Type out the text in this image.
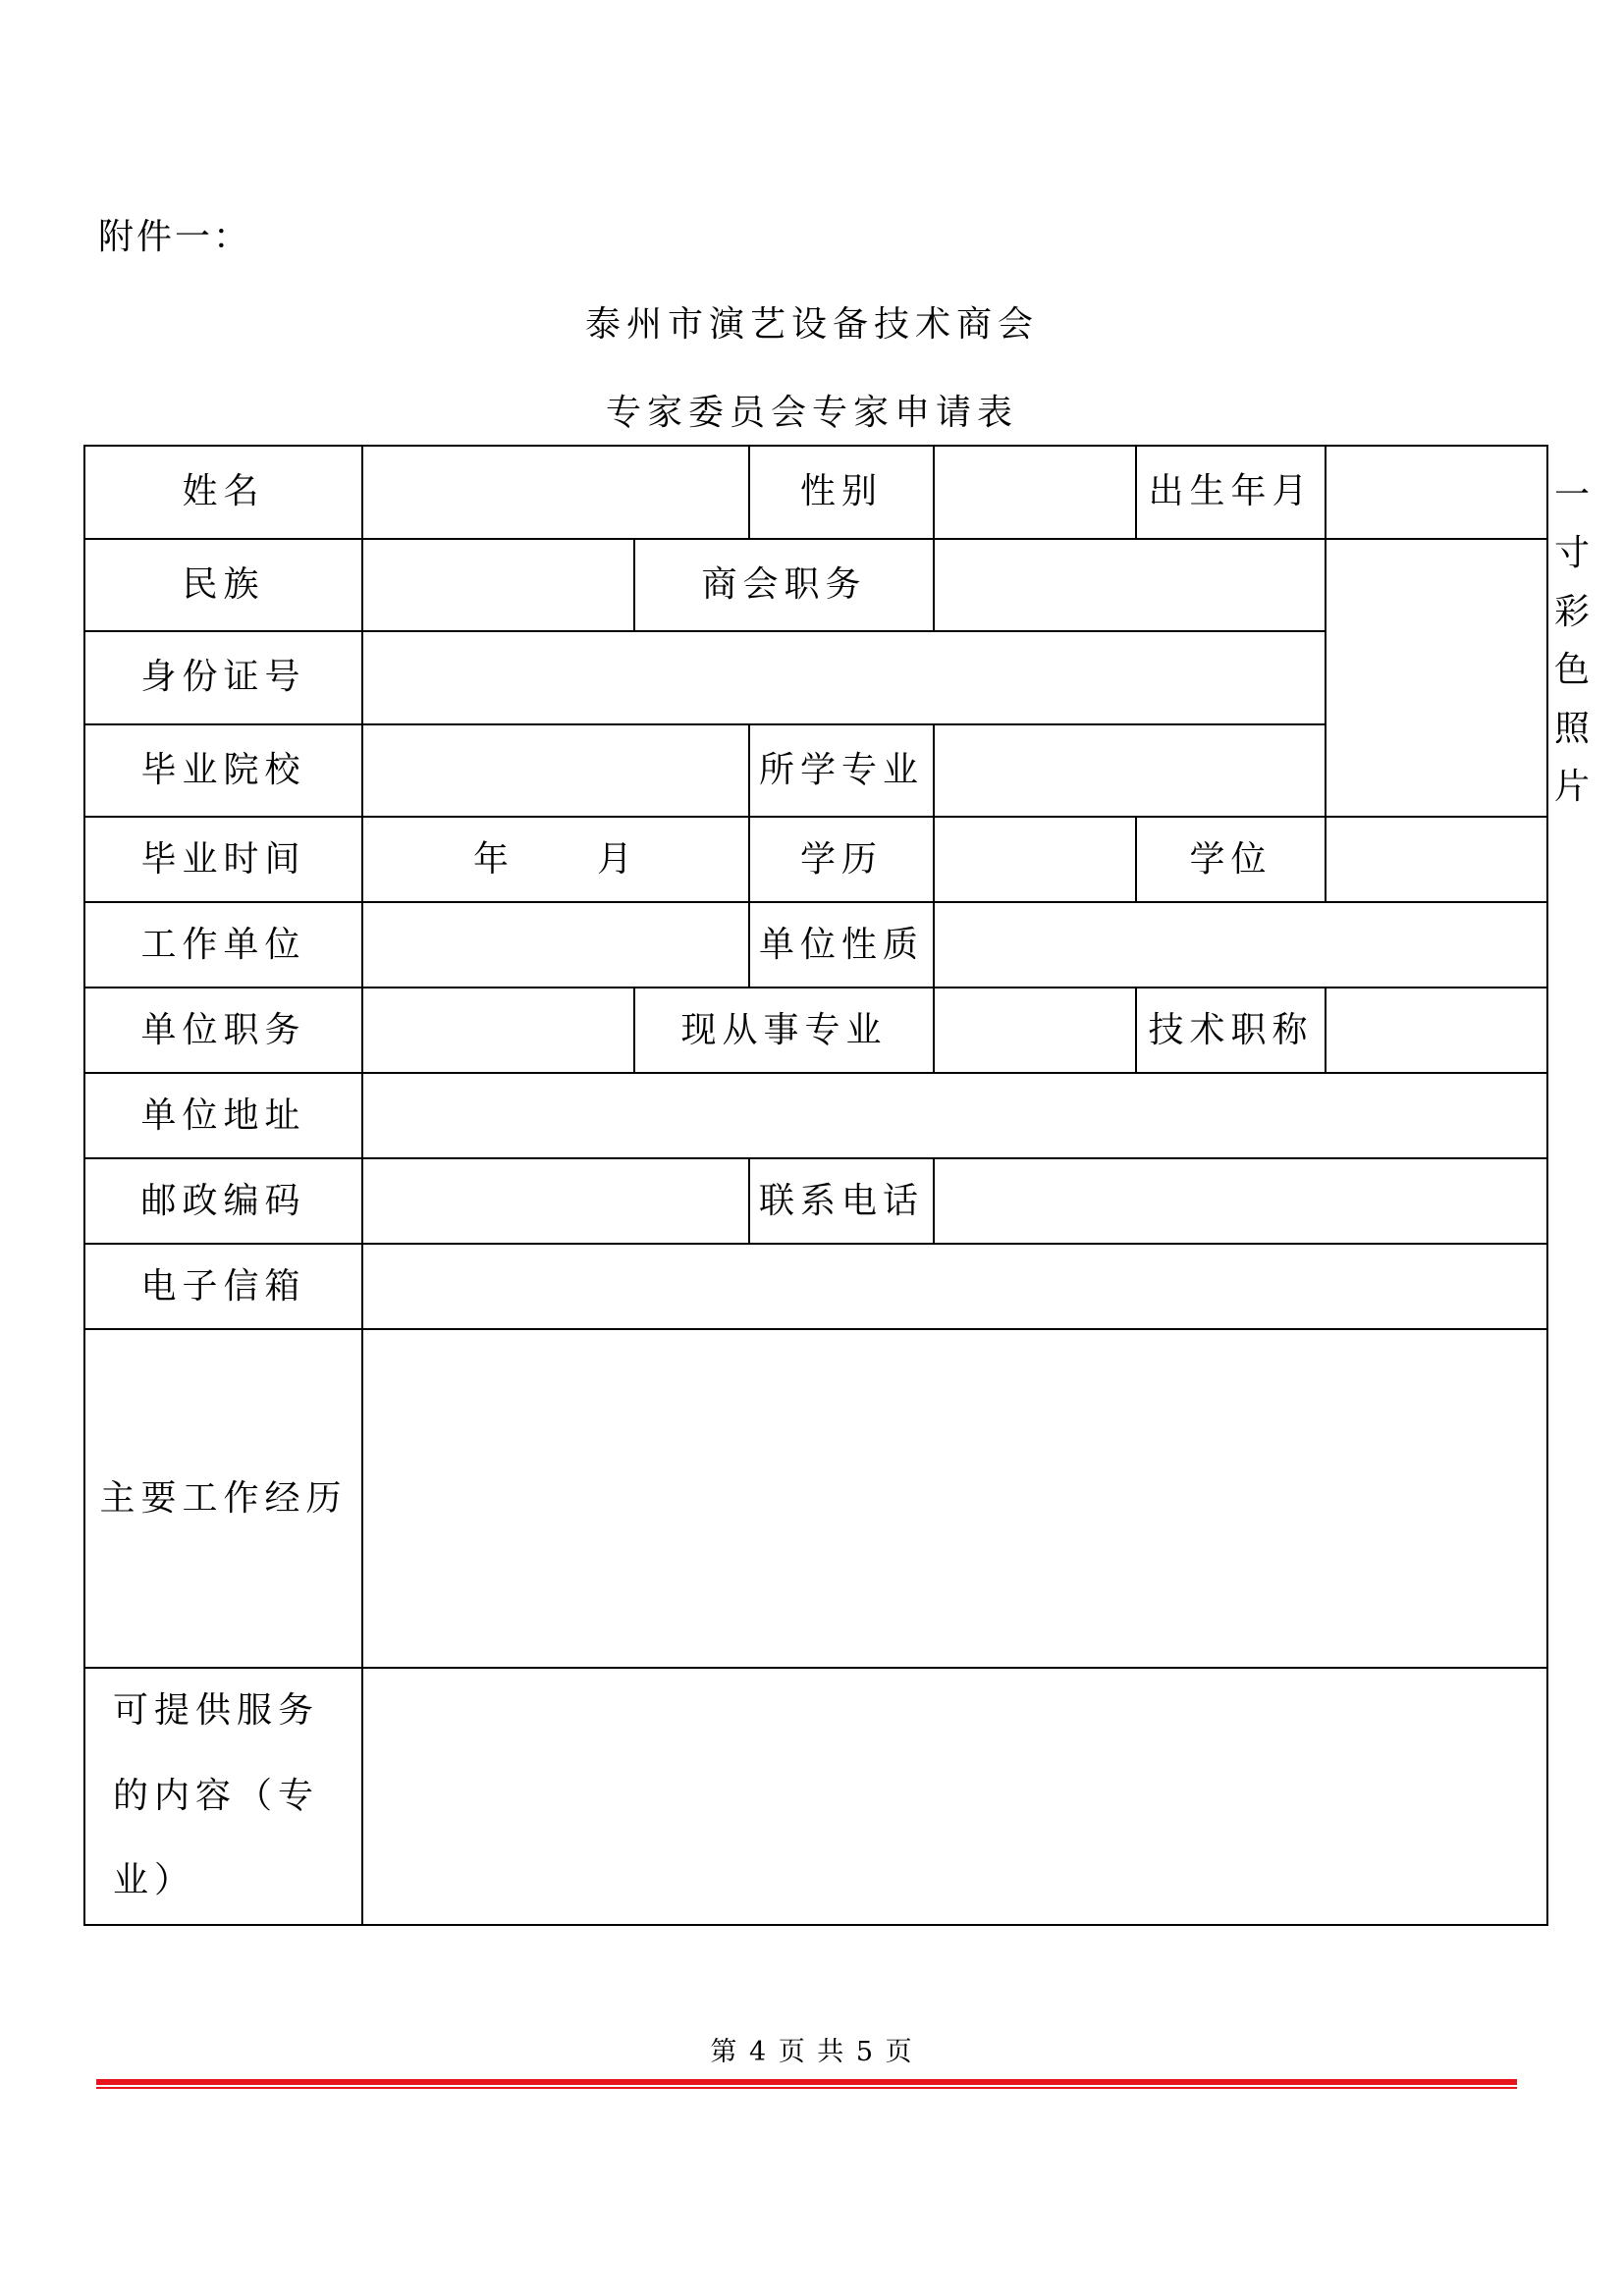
附件一：
泰州市演艺设备技术商会
专家委员会专家申请表
姓名			性别		出生年月		一寸彩色照片
民族		商会职务					
身份证号							
毕业院校			所学专业				
毕业时间	年　　月		学历		学位		
工作单位			单位性质				
单位职务		现从事专业			技术职称		
单位地址							
邮政编码			联系电话				
电子信箱							
主要工作经历							
可提供服务的内容（专业）							
第 4 页 共 5 页
